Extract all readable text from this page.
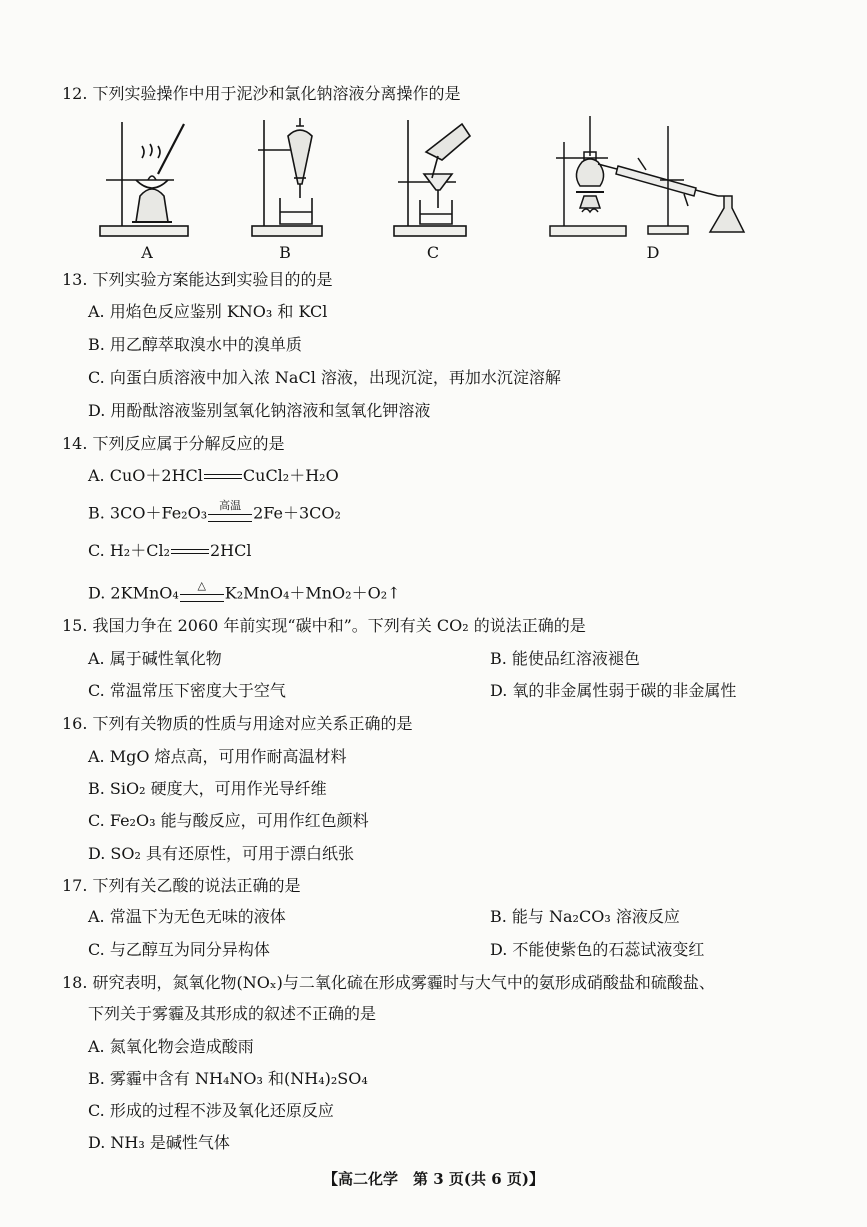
12. 下列实验操作中用于泥沙和氯化钠溶液分离操作的是
A	B	C	D
13. 下列实验方案能达到实验目的的是
A. 用焰色反应鉴别 KNO₃ 和 KCl
B. 用乙醇萃取溴水中的溴单质
C. 向蛋白质溶液中加入浓 NaCl 溶液，出现沉淀，再加水沉淀溶解
D. 用酚酞溶液鉴别氢氧化钠溶液和氢氧化钾溶液
14. 下列反应属于分解反应的是
A. CuO＋2HCl	CuCl₂＋H₂O
B. 3CO＋Fe₂O₃	高温 2Fe＋3CO₂
C. H₂＋Cl₂	2HCl
D. 2KMnO₄	△	K₂MnO₄＋MnO₂＋O₂↑
15. 我国力争在 2060 年前实现“碳中和”。下列有关 CO₂ 的说法正确的是
A. 属于碱性氧化物	B. 能使品红溶液褪色
C. 常温常压下密度大于空气	D. 氧的非金属性弱于碳的非金属性
16. 下列有关物质的性质与用途对应关系正确的是
A. MgO 熔点高，可用作耐高温材料
B. SiO₂ 硬度大，可用作光导纤维
C. Fe₂O₃ 能与酸反应，可用作红色颜料
D. SO₂ 具有还原性，可用于漂白纸张
17. 下列有关乙酸的说法正确的是
A. 常温下为无色无味的液体	B. 能与 Na₂CO₃ 溶液反应
C. 与乙醇互为同分异构体	D. 不能使紫色的石蕊试液变红
18. 研究表明，氮氧化物(NOₓ)与二氧化硫在形成雾霾时与大气中的氨形成硝酸盐和硫酸盐、
下列关于雾霾及其形成的叙述不正确的是
A. 氮氧化物会造成酸雨
B. 雾霾中含有 NH₄NO₃ 和(NH₄)₂SO₄
C. 形成的过程不涉及氧化还原反应
D. NH₃ 是碱性气体
【高二化学　第 3 页(共 6 页)】
